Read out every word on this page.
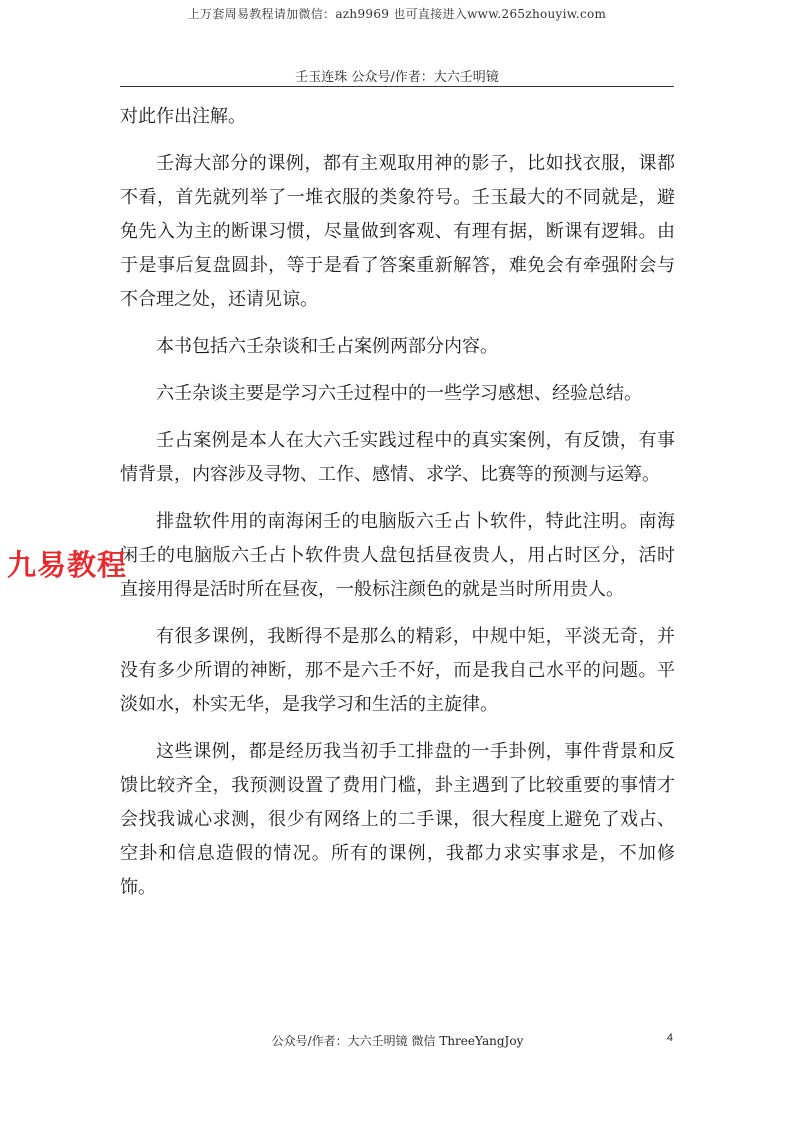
上万套周易教程请加微信：azh9969 也可直接进入www.265zhouyiw.com
壬玉连珠 公众号/作者：大六壬明镜

对此作出注解。

壬海大部分的课例，都有主观取用神的影子，比如找衣服，课都不看，首先就列举了一堆衣服的类象符号。壬玉最大的不同就是，避免先入为主的断课习惯，尽量做到客观、有理有据，断课有逻辑。由于是事后复盘圆卦，等于是看了答案重新解答，难免会有牵强附会与不合理之处，还请见谅。

本书包括六壬杂谈和壬占案例两部分内容。

六壬杂谈主要是学习六壬过程中的一些学习感想、经验总结。

壬占案例是本人在大六壬实践过程中的真实案例，有反馈，有事情背景，内容涉及寻物、工作、感情、求学、比赛等的预测与运筹。

排盘软件用的南海闲壬的电脑版六壬占卜软件，特此注明。南海闲壬的电脑版六壬占卜软件贵人盘包括昼夜贵人，用占时区分，活时直接用得是活时所在昼夜，一般标注颜色的就是当时所用贵人。

有很多课例，我断得不是那么的精彩，中规中矩，平淡无奇，并没有多少所谓的神断，那不是六壬不好，而是我自己水平的问题。平淡如水，朴实无华，是我学习和生活的主旋律。

这些课例，都是经历我当初手工排盘的一手卦例，事件背景和反馈比较齐全，我预测设置了费用门槛，卦主遇到了比较重要的事情才会找我诚心求测，很少有网络上的二手课，很大程度上避免了戏占、空卦和信息造假的情况。所有的课例，我都力求实事求是，不加修饰。

九易教程
公众号/作者：大六壬明镜 微信 ThreeYangJoy	4
